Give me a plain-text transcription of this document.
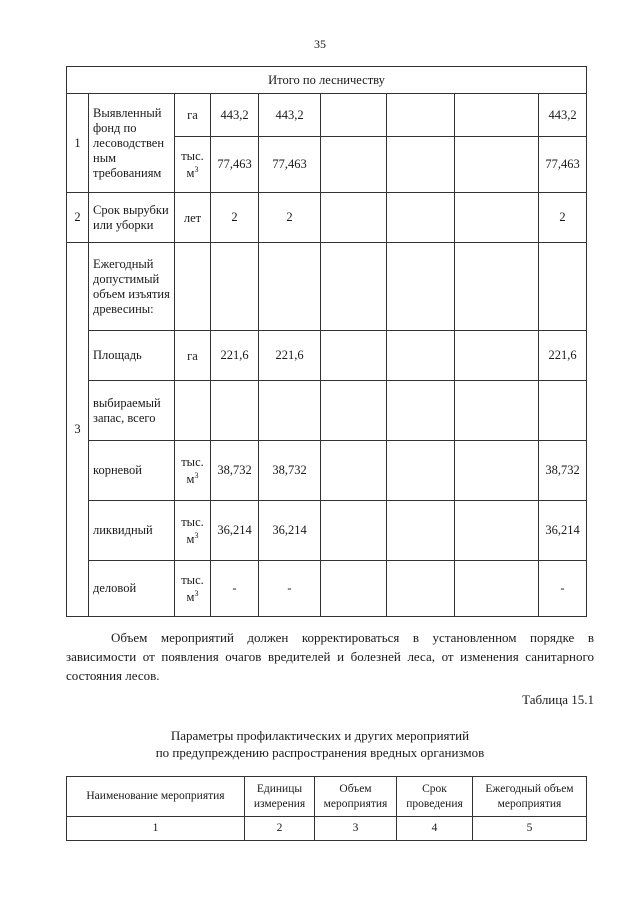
35
Итого по лесничеству								
1	Выявленный фонд по лесоводствен ным требованиям	га	443,2	443,2				443,2
		тыс. $м^3$	77,463	77,463				77,463
2	Срок вырубки или уборки	лет	2	2				2
3	Ежегодный допустимый объем изъятия древесины:							
	Площадь	га	221,6	221,6				221,6
	выбираемый запас, всего							
	корневой	тыс. $м^3$	38,732	38,732				38,732
	ликвидный	тыс. $м^3$	36,214	36,214				36,214
	деловой	тыс. $м^3$	-	-				-
Объем мероприятий должен корректироваться в установленном порядке в зависимости от появления очагов вредителей и болезней леса, от изменения санитарного состояния лесов.
Таблица 15.1
Параметры профилактических и других мероприятий
по предупреждению распространения вредных организмов
Наименование мероприятия	Единицы измерения	Объем мероприятия	Срок проведения	Ежегодный объем мероприятия
1	2	3	4	5
